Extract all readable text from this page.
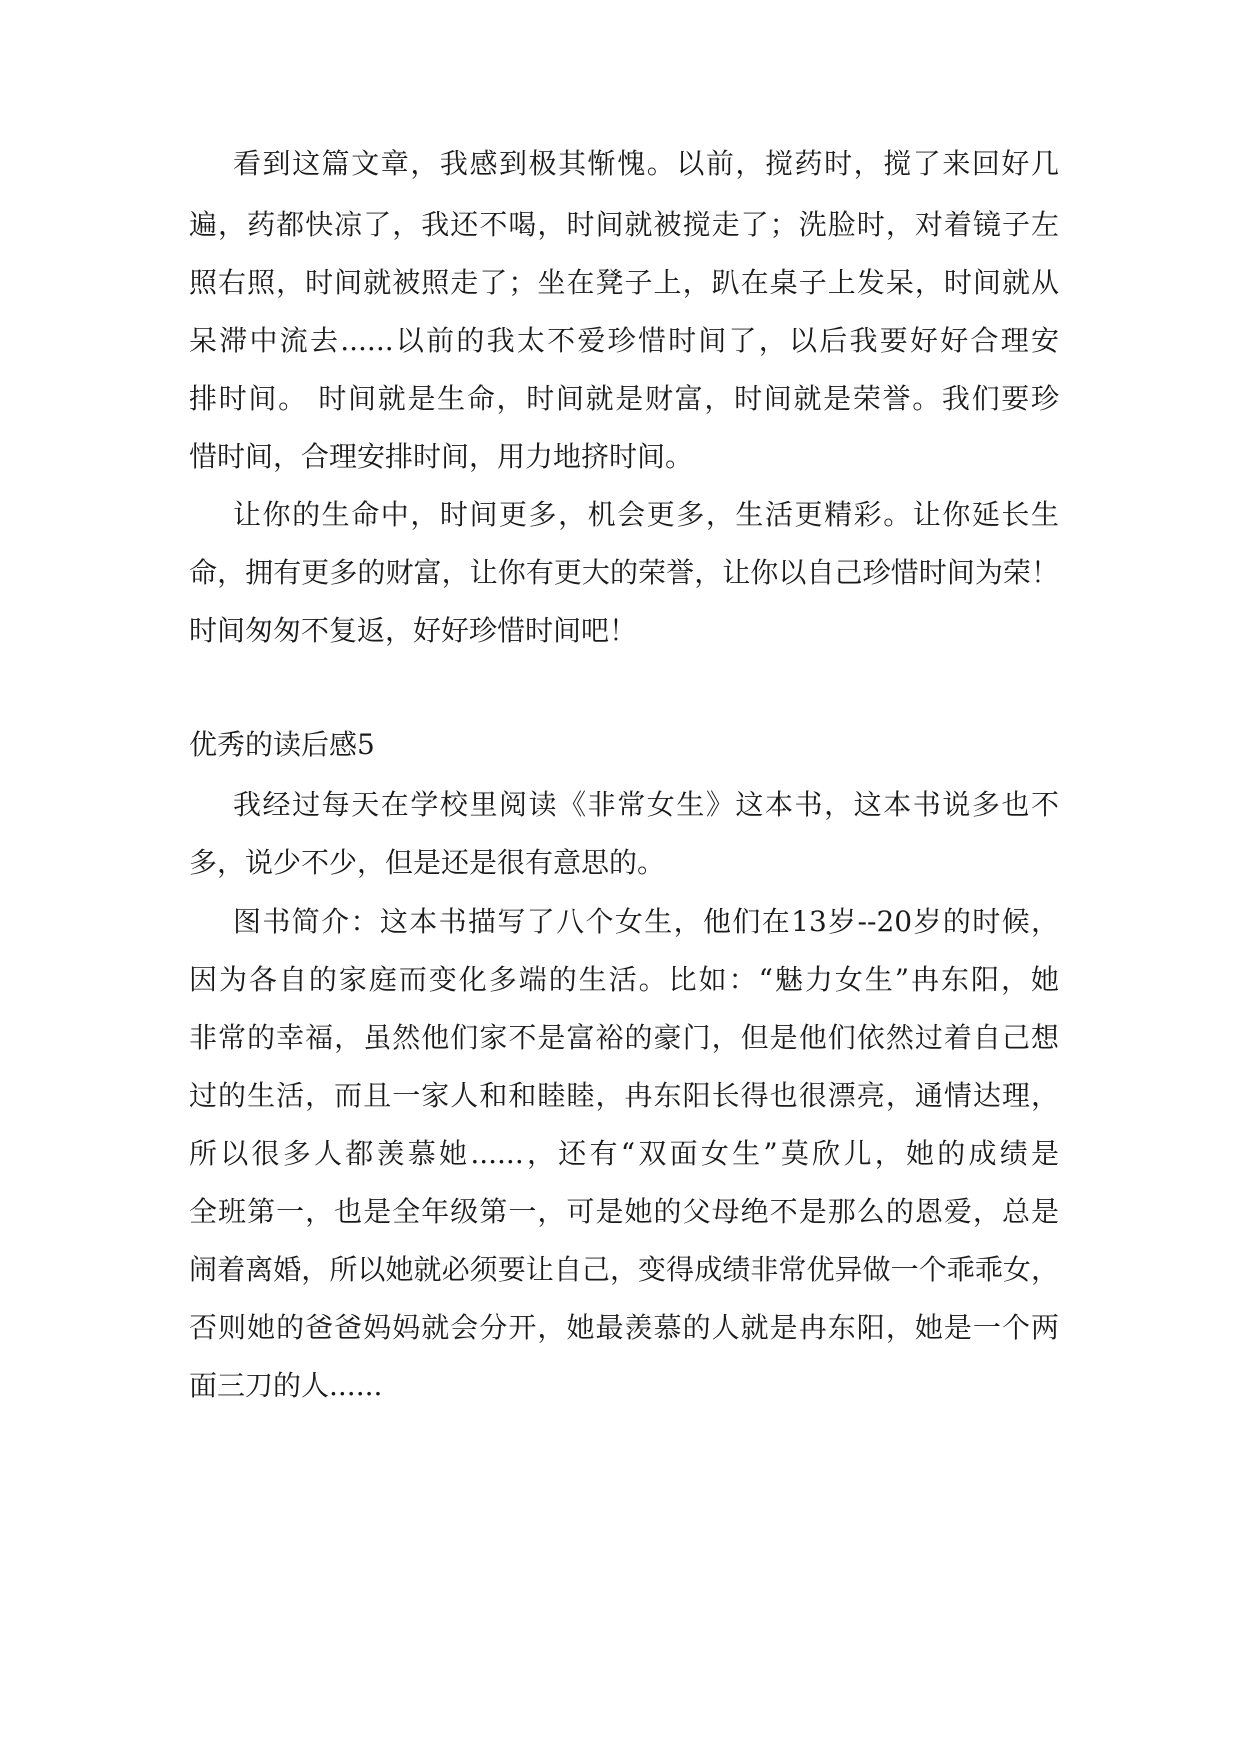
看到这篇文章，我感到极其惭愧。以前，搅药时，搅了来回好几
遍，药都快凉了，我还不喝，时间就被搅走了；洗脸时，对着镜子左
照右照，时间就被照走了；坐在凳子上，趴在桌子上发呆，时间就从
呆滞中流去......以前的我太不爱珍惜时间了，以后我要好好合理安
排时间。 时间就是生命，时间就是财富，时间就是荣誉。我们要珍
惜时间，合理安排时间，用力地挤时间。
让你的生命中，时间更多，机会更多，生活更精彩。让你延长生
命，拥有更多的财富，让你有更大的荣誉，让你以自己珍惜时间为荣！
时间匆匆不复返，好好珍惜时间吧！
优秀的读后感5
我经过每天在学校里阅读《非常女生》这本书，这本书说多也不
多，说少不少，但是还是很有意思的。
图书简介：这本书描写了八个女生，他们在13岁--20岁的时候，
因为各自的家庭而变化多端的生活。比如：“魅力女生”冉东阳，她
非常的幸福，虽然他们家不是富裕的豪门，但是他们依然过着自己想
过的生活，而且一家人和和睦睦，冉东阳长得也很漂亮，通情达理，
所以很多人都羡慕她......，还有“双面女生”莫欣儿，她的成绩是
全班第一，也是全年级第一，可是她的父母绝不是那么的恩爱，总是
闹着离婚，所以她就必须要让自己，变得成绩非常优异做一个乖乖女，
否则她的爸爸妈妈就会分开，她最羡慕的人就是冉东阳，她是一个两
面三刀的人......
